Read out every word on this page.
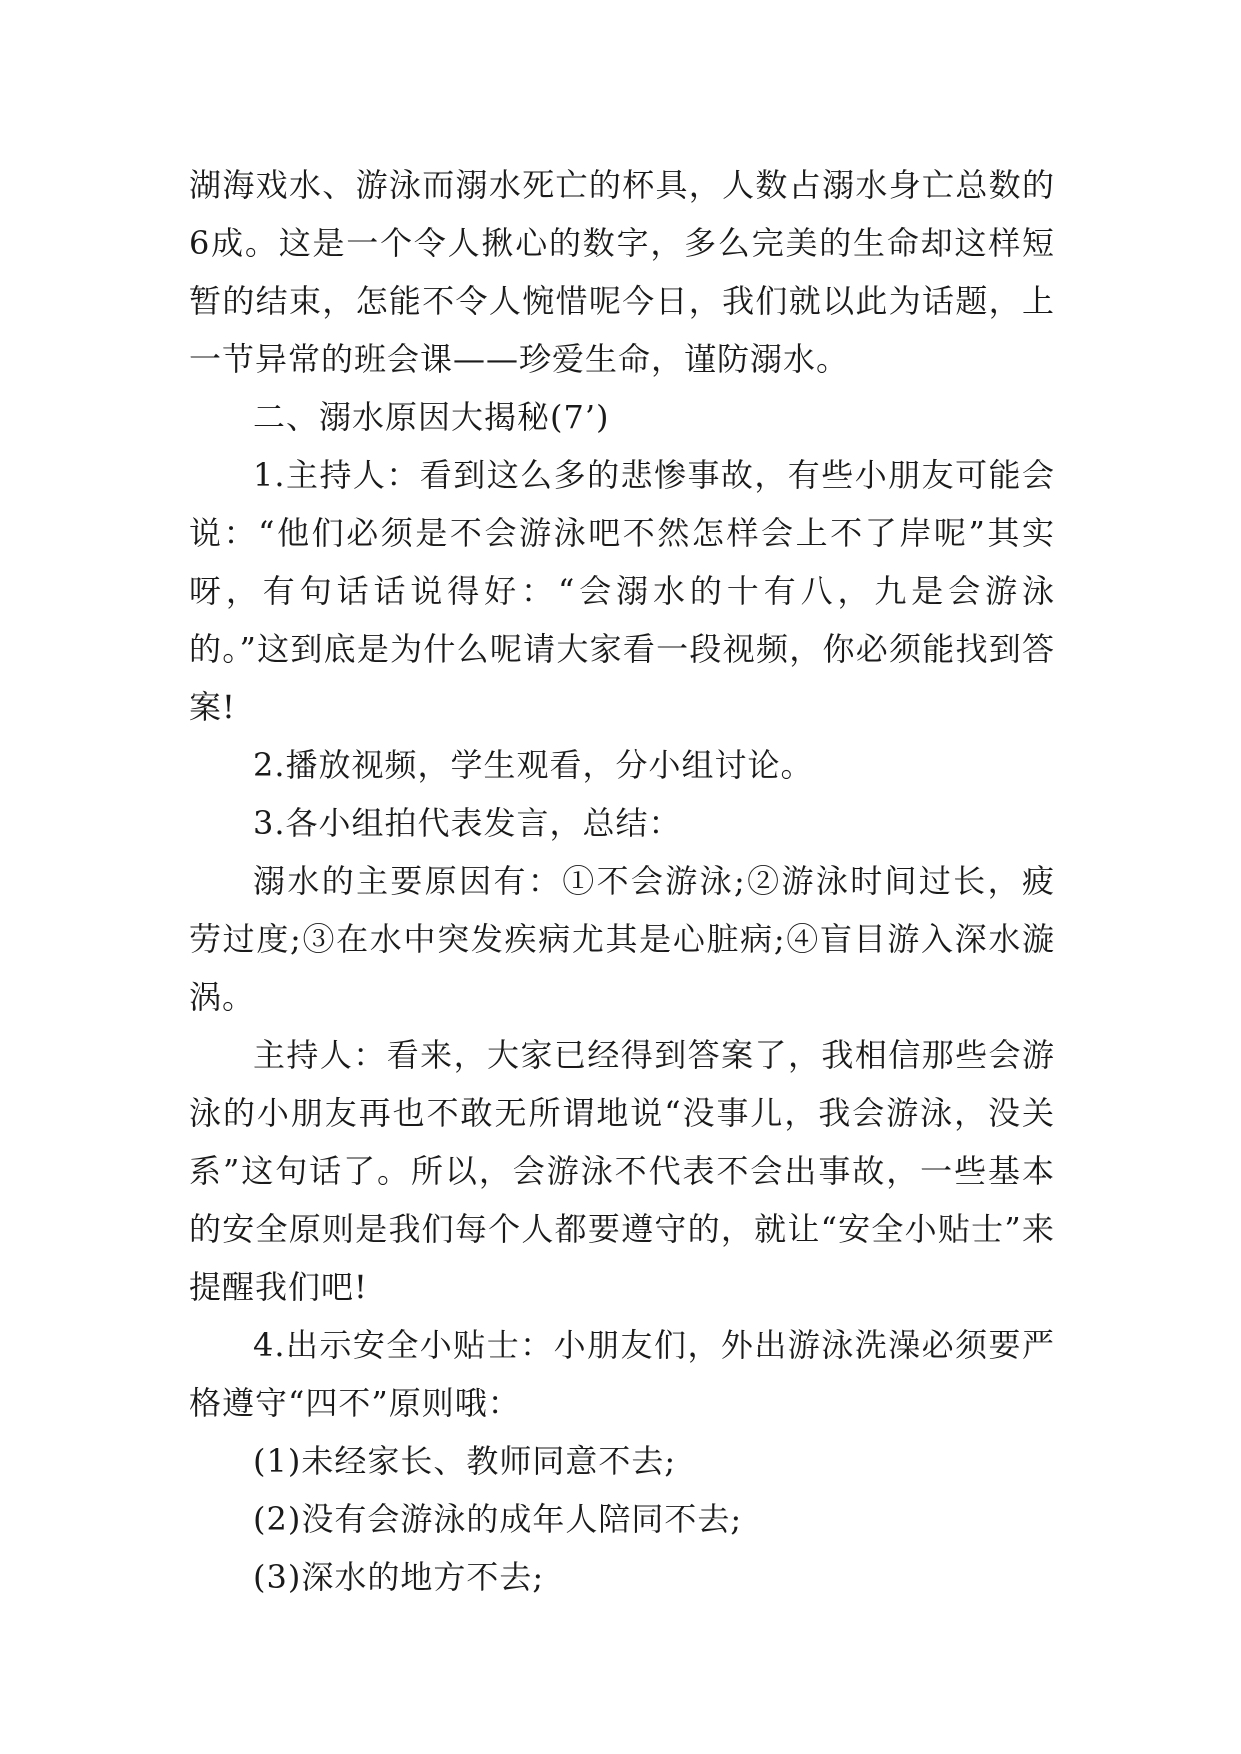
湖海戏水、游泳而溺水死亡的杯具，人数占溺水身亡总数的6成。这是一个令人揪心的数字，多么完美的生命却这样短暂的结束，怎能不令人惋惜呢今日，我们就以此为话题，上一节异常的班会课——珍爱生命，谨防溺水。

二、溺水原因大揭秘(7’)

1.主持人：看到这么多的悲惨事故，有些小朋友可能会说：“他们必须是不会游泳吧不然怎样会上不了岸呢”其实呀，有句话话说得好：“会溺水的十有八，九是会游泳的。”这到底是为什么呢请大家看一段视频，你必须能找到答案!

2.播放视频，学生观看，分小组讨论。

3.各小组拍代表发言，总结：

溺水的主要原因有：①不会游泳;②游泳时间过长，疲劳过度;③在水中突发疾病尤其是心脏病;④盲目游入深水漩涡。

主持人：看来，大家已经得到答案了，我相信那些会游泳的小朋友再也不敢无所谓地说“没事儿，我会游泳，没关系”这句话了。所以，会游泳不代表不会出事故，一些基本的安全原则是我们每个人都要遵守的，就让“安全小贴士”来提醒我们吧!

4.出示安全小贴士：小朋友们，外出游泳洗澡必须要严格遵守“四不”原则哦：

(1)未经家长、教师同意不去;

(2)没有会游泳的成年人陪同不去;

(3)深水的地方不去;
